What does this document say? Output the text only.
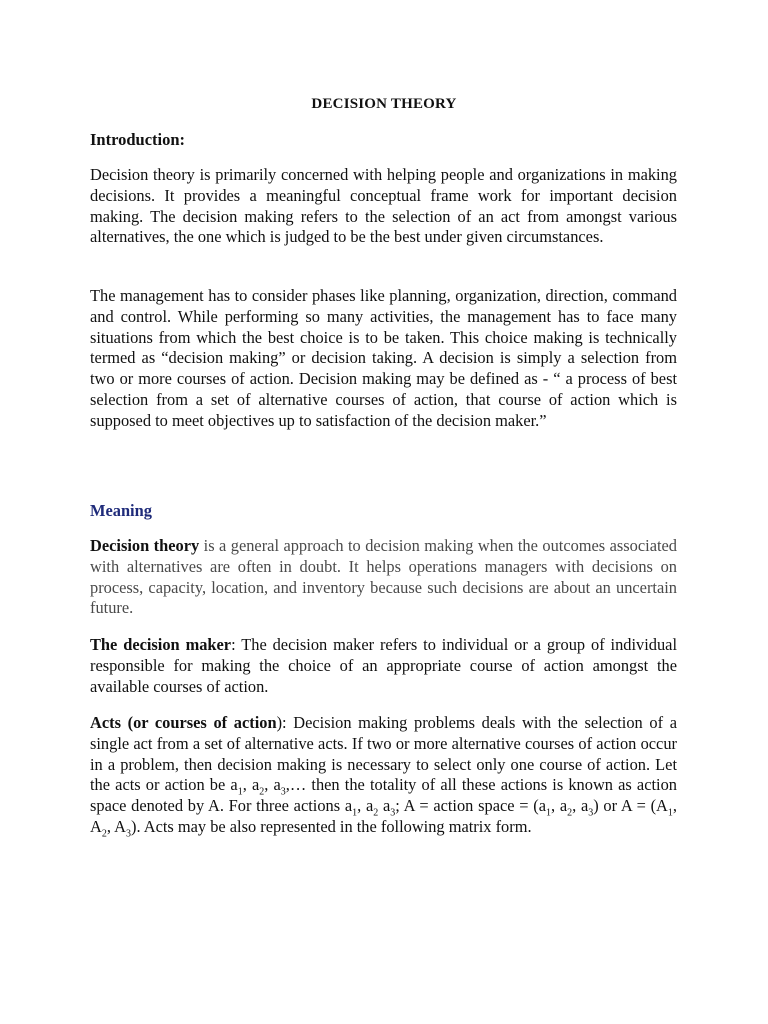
DECISION THEORY
Introduction:

Decision theory is primarily concerned with helping people and organizations in making decisions. It provides a meaningful conceptual frame work for important decision making. The decision making refers to the selection of an act from amongst various alternatives, the one which is judged to be the best under given circumstances.

The management has to consider phases like planning, organization, direction, command and control. While performing so many activities, the management has to face many situations from which the best choice is to be taken. This choice making is technically termed as “decision making” or decision taking. A decision is simply a selection from two or more courses of action. Decision making may be defined as - “ a process of best selection from a set of alternative courses of action, that course of action which is supposed to meet objectives up to satisfaction of the decision maker.”

Meaning

Decision theory is a general approach to decision making when the outcomes associated with alternatives are often in doubt. It helps operations managers with decisions on process, capacity, location, and inventory because such decisions are about an uncertain future.

The decision maker: The decision maker refers to individual or a group of individual responsible for making the choice of an appropriate course of action amongst the available courses of action.

Acts (or courses of action): Decision making problems deals with the selection of a single act from a set of alternative acts. If two or more alternative courses of action occur in a problem, then decision making is necessary to select only one course of action. Let the acts or action be $a_1$, $a_2$, $a_3,\dots$ then the totality of all these actions is known as action space denoted by A. For three actions $a_1$, $a_2$ $a_3$; A = action space = ($a_1$, $a_2$, $a_3$) or $A = (A_1$, $A_2$, $A_3$). Acts may be also represented in the following matrix form.
